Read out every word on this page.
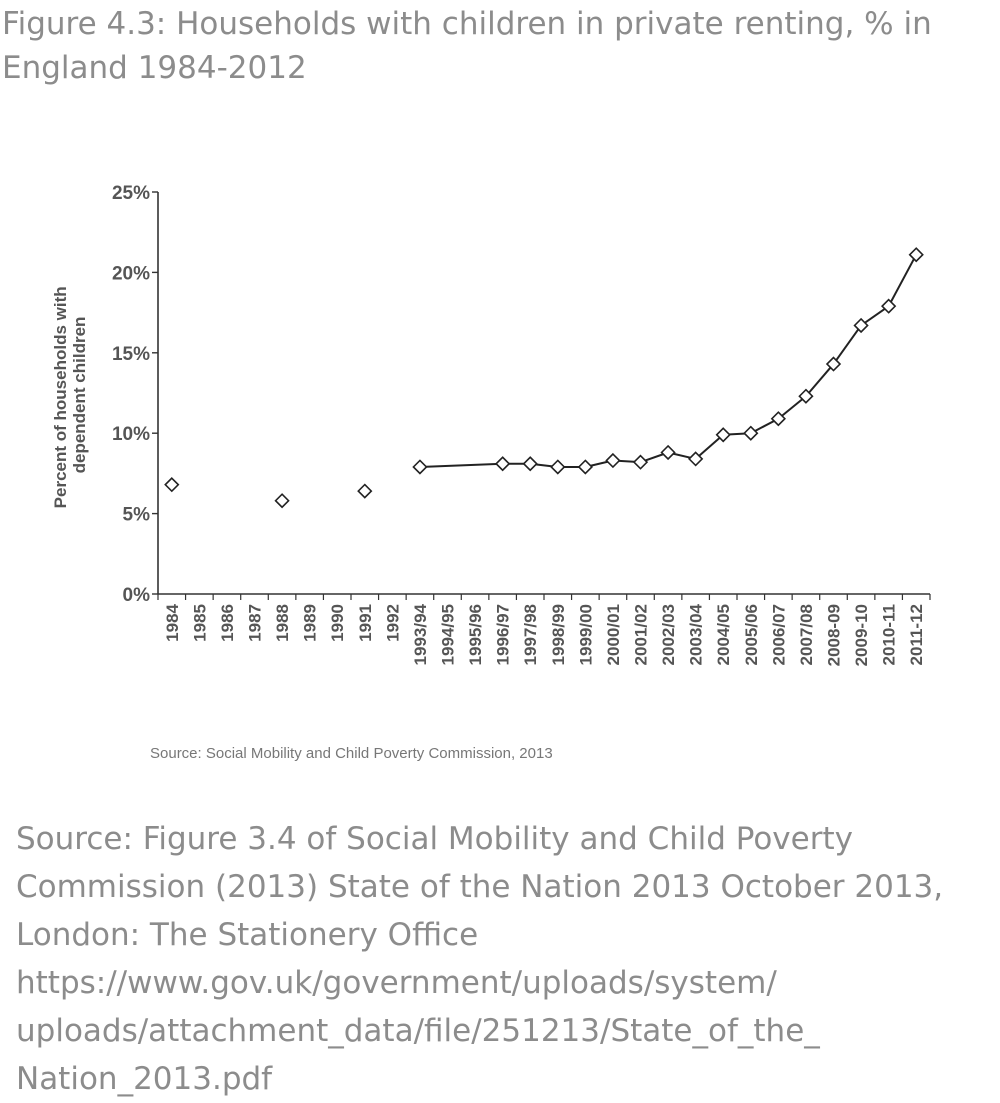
Figure 4.3: Households with children in private renting, % in England 1984-2012
Percent of households with dependent children
0%
5%
10%
15%
20%
25%
1984 1985 1986 1987 1988 1989 1990 1991 1992 1993/94 1994/95 1995/96 1996/97 1997/98 1998/99 1999/00 2000/01 2001/02 2002/03 2003/04 2004/05 2005/06 2006/07 2007/08 2008-09 2009-10 2010-11 2011-12
Source: Social Mobility and Child Poverty Commission, 2013
Source: Figure 3.4 of Social Mobility and Child Poverty
Commission (2013) State of the Nation 2013 October 2013,
London: The Stationery Office
https://www.gov.uk/government/uploads/system/
uploads/attachment_data/file/251213/State_of_the_
Nation_2013.pdf
